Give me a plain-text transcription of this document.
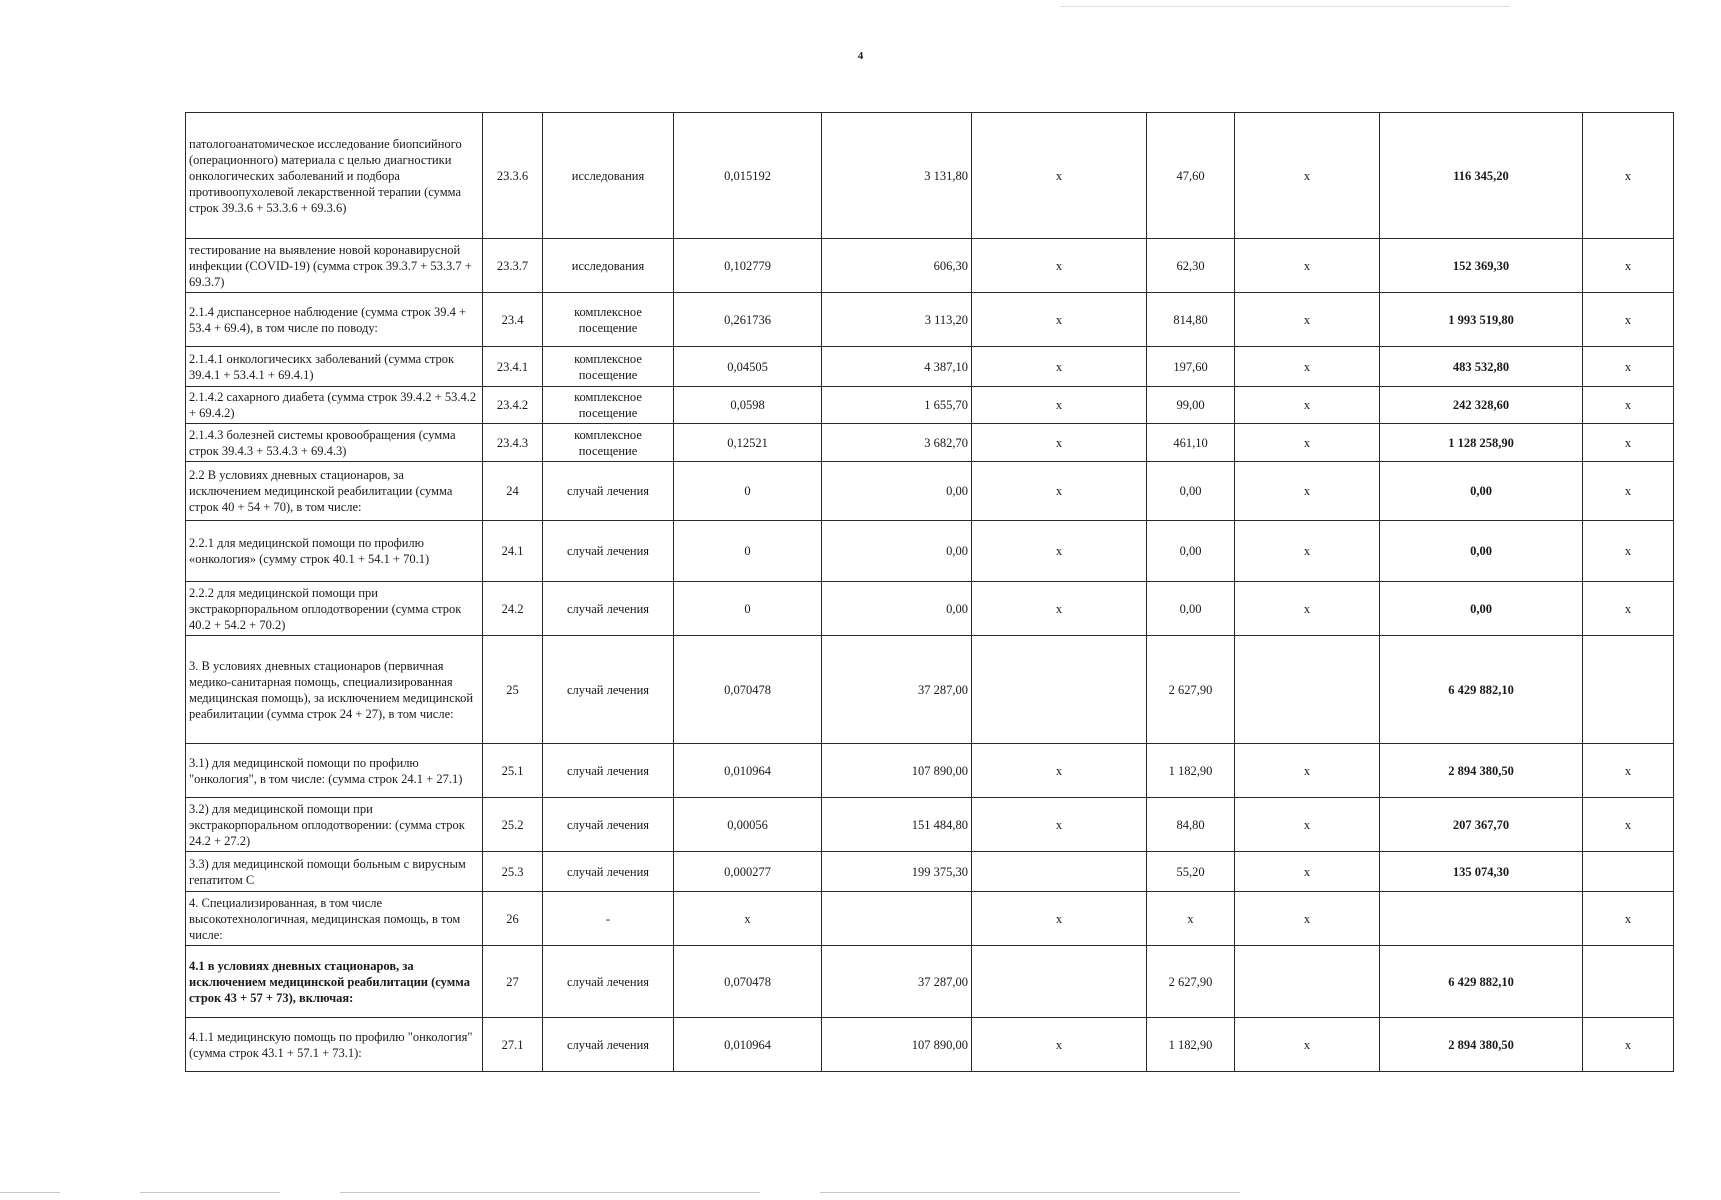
4
патологоанатомическое исследование биопсийного (операционного) материала с целью диагностики онкологических заболеваний и подбора противоопухолевой лекарственной терапии (сумма строк 39.3.6 + 53.3.6 + 69.3.6)	23.3.6	исследования	0,015192	3 131,80	х	47,60	х	116 345,20	х
тестирование на выявление новой коронавирусной инфекции (COVID-19) (сумма строк 39.3.7 + 53.3.7 + 69.3.7)	23.3.7	исследования	0,102779	606,30	х	62,30	х	152 369,30	х
2.1.4 диспансерное наблюдение (сумма строк 39.4 + 53.4 + 69.4), в том числе по поводу:	23.4	комплексное посещение	0,261736	3 113,20	х	814,80	х	1 993 519,80	х
2.1.4.1 онкологичесикх заболеваний (сумма строк 39.4.1 + 53.4.1 + 69.4.1)	23.4.1	комплексное посещение	0,04505	4 387,10	х	197,60	х	483 532,80	х
2.1.4.2 сахарного диабета (сумма строк 39.4.2 + 53.4.2 + 69.4.2)	23.4.2	комплексное посещение	0,0598	1 655,70	х	99,00	х	242 328,60	х
2.1.4.3 болезней системы кровообращения (сумма строк 39.4.3 + 53.4.3 + 69.4.3)	23.4.3	комплексное посещение	0,12521	3 682,70	х	461,10	х	1 128 258,90	х
2.2 В условиях дневных стационаров, за исключением медицинской реабилитации (сумма строк 40 + 54 + 70), в том числе:	24	случай лечения	0	0,00	х	0,00	х	0,00	х
2.2.1 для медицинской помощи по профилю «онкология» (сумму строк 40.1 + 54.1 + 70.1)	24.1	случай лечения	0	0,00	х	0,00	х	0,00	х
2.2.2 для медицинской помощи при экстракорпоральном оплодотворении (сумма строк 40.2 + 54.2 + 70.2)	24.2	случай лечения	0	0,00	х	0,00	х	0,00	х
3. В условиях дневных стационаров (первичная медико-санитарная помощь, специализированная медицинская помощь), за исключением медицинской реабилитации (сумма строк 24 + 27), в том числе:	25	случай лечения	0,070478	37 287,00		2 627,90		6 429 882,10	
3.1) для медицинской помощи по профилю "онкология", в том числе: (сумма строк 24.1 + 27.1)	25.1	случай лечения	0,010964	107 890,00	х	1 182,90	х	2 894 380,50	х
3.2) для медицинской помощи при экстракорпоральном оплодотворении: (сумма строк 24.2 + 27.2)	25.2	случай лечения	0,00056	151 484,80	х	84,80	х	207 367,70	х
3.3) для медицинской помощи больным с вирусным гепатитом С	25.3	случай лечения	0,000277	199 375,30		55,20	х	135 074,30	
4. Специализированная, в том числе высокотехнологичная, медицинская помощь, в том числе:	26	-	х		х	х	х		х
4.1 в условиях дневных стационаров, за исключением медицинской реабилитации (сумма строк 43 + 57 + 73), включая:	27	случай лечения	0,070478	37 287,00		2 627,90		6 429 882,10	
4.1.1 медицинскую помощь по профилю "онкология" (сумма строк 43.1 + 57.1 + 73.1):	27.1	случай лечения	0,010964	107 890,00	х	1 182,90	х	2 894 380,50	х
